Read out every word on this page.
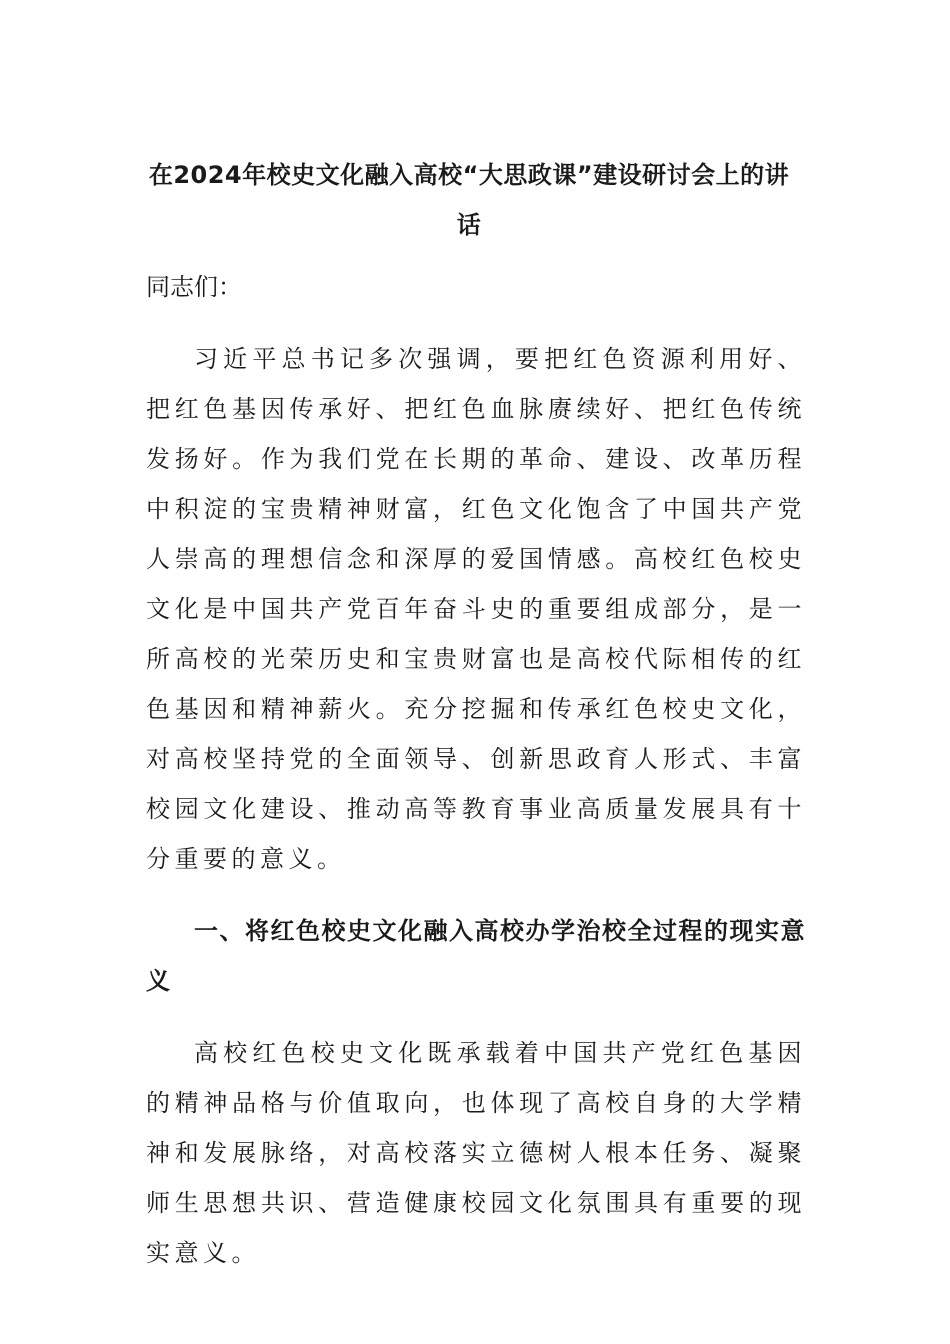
在2024年校史文化融入高校“大思政课”建设研讨会上的讲话

同志们：

习近平总书记多次强调，要把红色资源利用好、把红色基因传承好、把红色血脉赓续好、把红色传统发扬好。作为我们党在长期的革命、建设、改革历程中积淀的宝贵精神财富，红色文化饱含了中国共产党人崇高的理想信念和深厚的爱国情感。高校红色校史文化是中国共产党百年奋斗史的重要组成部分，是一所高校的光荣历史和宝贵财富也是高校代际相传的红色基因和精神薪火。充分挖掘和传承红色校史文化，对高校坚持党的全面领导、创新思政育人形式、丰富校园文化建设、推动高等教育事业高质量发展具有十分重要的意义。

一、将红色校史文化融入高校办学治校全过程的现实意义

高校红色校史文化既承载着中国共产党红色基因的精神品格与价值取向，也体现了高校自身的大学精神和发展脉络，对高校落实立德树人根本任务、凝聚师生思想共识、营造健康校园文化氛围具有重要的现实意义。
